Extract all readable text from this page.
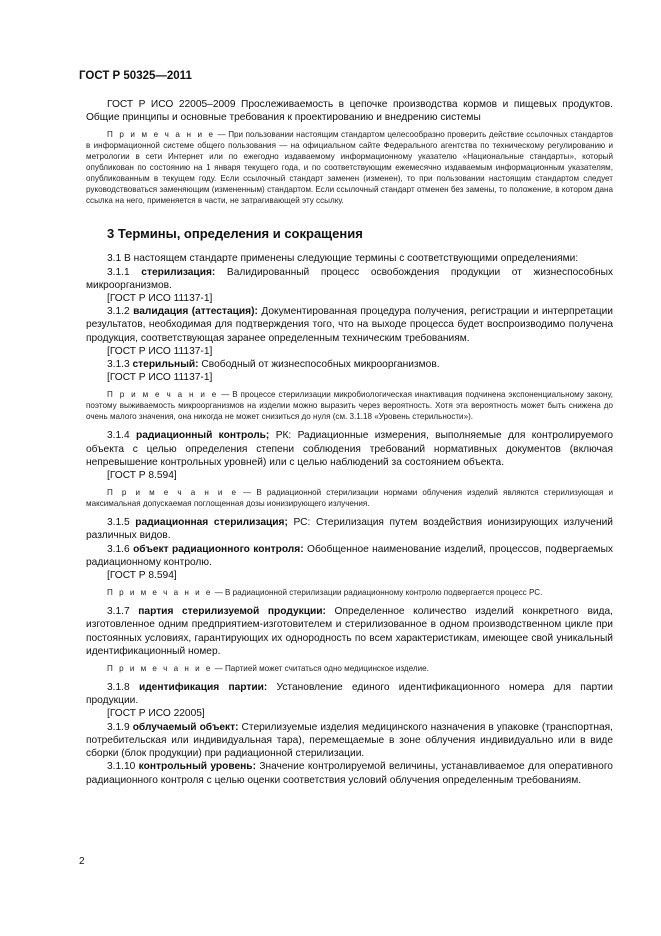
ГОСТ Р 50325—2011

ГОСТ Р ИСО 22005–2009 Прослеживаемость в цепочке производства кормов и пищевых продуктов. Общие принципы и основные требования к проектированию и внедрению системы

П р и м е ч а н и е — При пользовании настоящим стандартом целесообразно проверить действие ссылочных стандартов в информационной системе общего пользования — на официальном сайте Федерального агентства по техническому регулированию и метрологии в сети Интернет или по ежегодно издаваемому информационному указателю «Национальные стандарты», который опубликован по состоянию на 1 января текущего года, и по соответствующим ежемесячно издаваемым информационным указателям, опубликованным в текущем году. Если ссылочный стандарт заменен (изменен), то при пользовании настоящим стандартом следует руководствоваться заменяющим (измененным) стандартом. Если ссылочный стандарт отменен без замены, то положение, в котором дана ссылка на него, применяется в части, не затрагивающей эту ссылку.

3 Термины, определения и сокращения

3.1 В настоящем стандарте применены следующие термины с соответствующими определениями:

3.1.1 стерилизация: Валидированный процесс освобождения продукции от жизнеспособных микроорганизмов.

[ГОСТ Р ИСО 11137-1]

3.1.2 валидация (аттестация): Документированная процедура получения, регистрации и интерпретации результатов, необходимая для подтверждения того, что на выходе процесса будет воспроизводимо получена продукция, соответствующая заранее определенным техническим требованиям.

[ГОСТ Р ИСО 11137-1]

3.1.3 стерильный: Свободный от жизнеспособных микроорганизмов.

[ГОСТ Р ИСО 11137-1]

П р и м е ч а н и е — В процессе стерилизации микробиологическая инактивация подчинена экспоненциальному закону, поэтому выживаемость микроорганизмов на изделии можно выразить через вероятность. Хотя эта вероятность может быть снижена до очень малого значения, она никогда не может снизиться до нуля (см. 3.1.18 «Уровень стерильности»).

3.1.4 радиационный контроль; РК: Радиационные измерения, выполняемые для контролируемого объекта с целью определения степени соблюдения требований нормативных документов (включая непревышение контрольных уровней) или с целью наблюдений за состоянием объекта.

[ГОСТ Р 8.594]

П р и м е ч а н и е — В радиационной стерилизации нормами облучения изделий являются стерилизующая и максимальная допускаемая поглощенная дозы ионизирующего излучения.

3.1.5 радиационная стерилизация; РС: Стерилизация путем воздействия ионизирующих излучений различных видов.

3.1.6 объект радиационного контроля: Обобщенное наименование изделий, процессов, подвергаемых радиационному контролю.

[ГОСТ Р 8.594]

П р и м е ч а н и е — В радиационной стерилизации радиационному контролю подвергается процесс РС.

3.1.7 партия стерилизуемой продукции: Определенное количество изделий конкретного вида, изготовленное одним предприятием-изготовителем и стерилизованное в одном производственном цикле при постоянных условиях, гарантирующих их однородность по всем характеристикам, имеющее свой уникальный идентификационный номер.

П р и м е ч а н и е — Партией может считаться одно медицинское изделие.

3.1.8 идентификация партии: Установление единого идентификационного номера для партии продукции.

[ГОСТ Р ИСО 22005]

3.1.9 облучаемый объект: Стерилизуемые изделия медицинского назначения в упаковке (транспортная, потребительская или индивидуальная тара), перемещаемые в зоне облучения индивидуально или в виде сборки (блок продукции) при радиационной стерилизации.

3.1.10 контрольный уровень: Значение контролируемой величины, устанавливаемое для оперативного радиационного контроля с целью оценки соответствия условий облучения определенным требованиям.

2
